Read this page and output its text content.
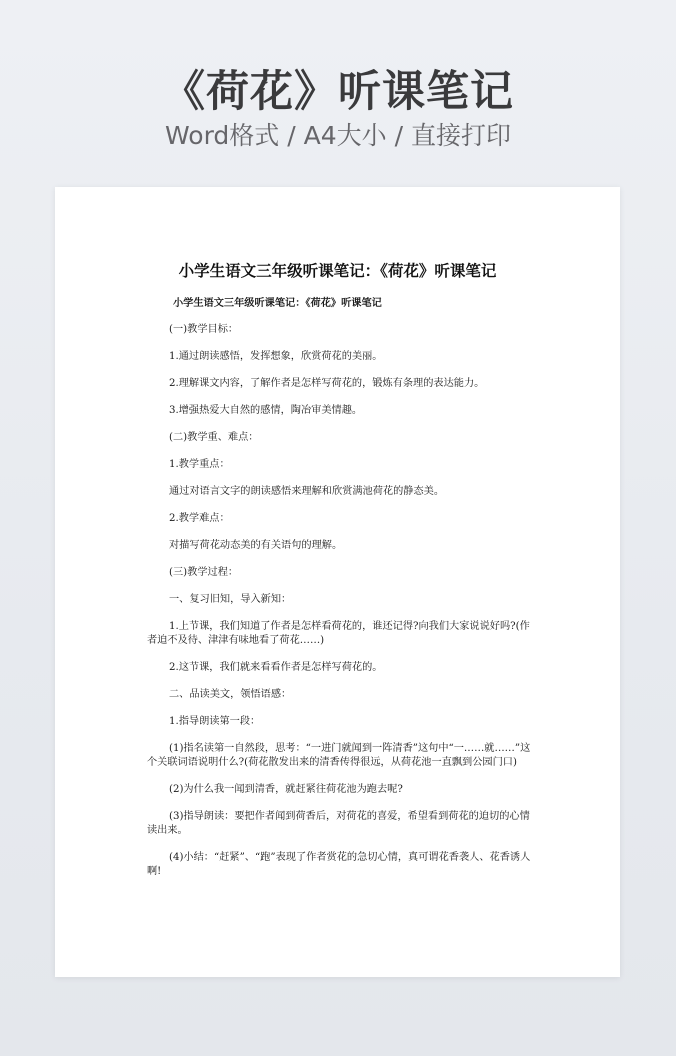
《荷花》听课笔记
Word格式 / A4大小 / 直接打印
小学生语文三年级听课笔记：《荷花》听课笔记

小学生语文三年级听课笔记：《荷花》听课笔记

(一)教学目标：

1.通过朗读感悟，发挥想象，欣赏荷花的美丽。

2.理解课文内容，了解作者是怎样写荷花的，锻炼有条理的表达能力。

3.增强热爱大自然的感情，陶冶审美情趣。

(二)教学重、难点：

1.教学重点：

通过对语言文字的朗读感悟来理解和欣赏满池荷花的静态美。

2.教学难点：

对描写荷花动态美的有关语句的理解。

(三)教学过程：

一、复习旧知，导入新知：

1.上节课，我们知道了作者是怎样看荷花的，谁还记得?向我们大家说说好吗?(作者迫不及待、津津有味地看了荷花……)

2.这节课，我们就来看看作者是怎样写荷花的。

二、品读美文，领悟语感：

1.指导朗读第一段：

(1)指名读第一自然段，思考：“一进门就闻到一阵清香”这句中“一……就……”这个关联词语说明什么?(荷花散发出来的清香传得很远，从荷花池一直飘到公园门口)

(2)为什么我一闻到清香，就赶紧往荷花池为跑去呢?

(3)指导朗读：要把作者闻到荷香后，对荷花的喜爱，希望看到荷花的迫切的心情读出来。

(4)小结：“赶紧”、“跑”表现了作者赏花的急切心情，真可谓花香袭人、花香诱人啊!
